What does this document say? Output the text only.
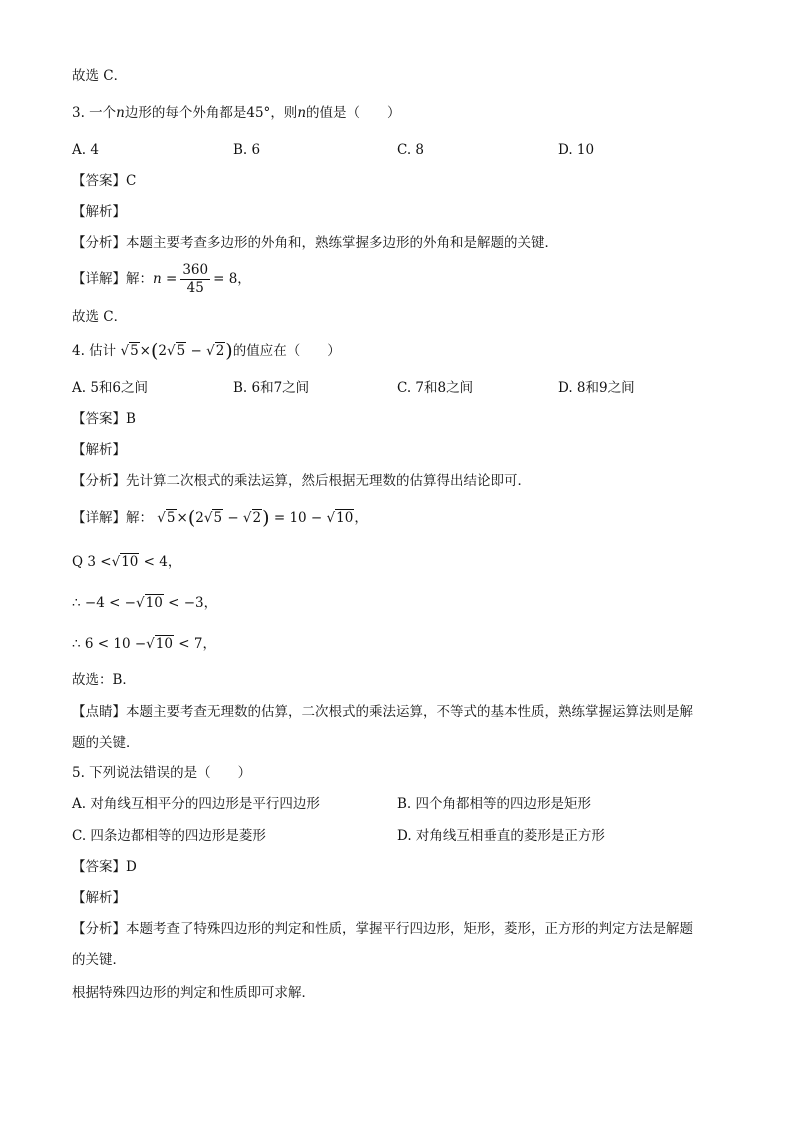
故选 C．
3. 一个n边形的每个外角都是45°，则n的值是（　　）
A. 4	B. 6	C. 8	D. 10
【答案】C
【解析】
【分析】本题主要考查多边形的外角和，熟练掌握多边形的外角和是解题的关键．
【详解】解：$n = \frac{360}{45} = 8$，
故选 C．
4. 估计 √5×(2√5 − √2)的值应在（　　）
A. 5和6之间	B. 6和7之间	C. 7和8之间	D. 8和9之间
【答案】B
【解析】
【分析】先计算二次根式的乘法运算，然后根据无理数的估算得出结论即可．
【详解】解： √5×(2√5 − √2) = 10 − √10，
Q 3 <√10 < 4，
∴ −4 < −√10 < −3，
∴ 6 < 10 −√10 < 7，
故选：B．
【点睛】本题主要考查无理数的估算，二次根式的乘法运算，不等式的基本性质，熟练掌握运算法则是解
题的关键．
5. 下列说法错误的是（　　）
A. 对角线互相平分的四边形是平行四边形	B. 四个角都相等的四边形是矩形
C. 四条边都相等的四边形是菱形	D. 对角线互相垂直的菱形是正方形
【答案】D
【解析】
【分析】本题考查了特殊四边形的判定和性质，掌握平行四边形，矩形，菱形，正方形的判定方法是解题
的关键．
根据特殊四边形的判定和性质即可求解．
